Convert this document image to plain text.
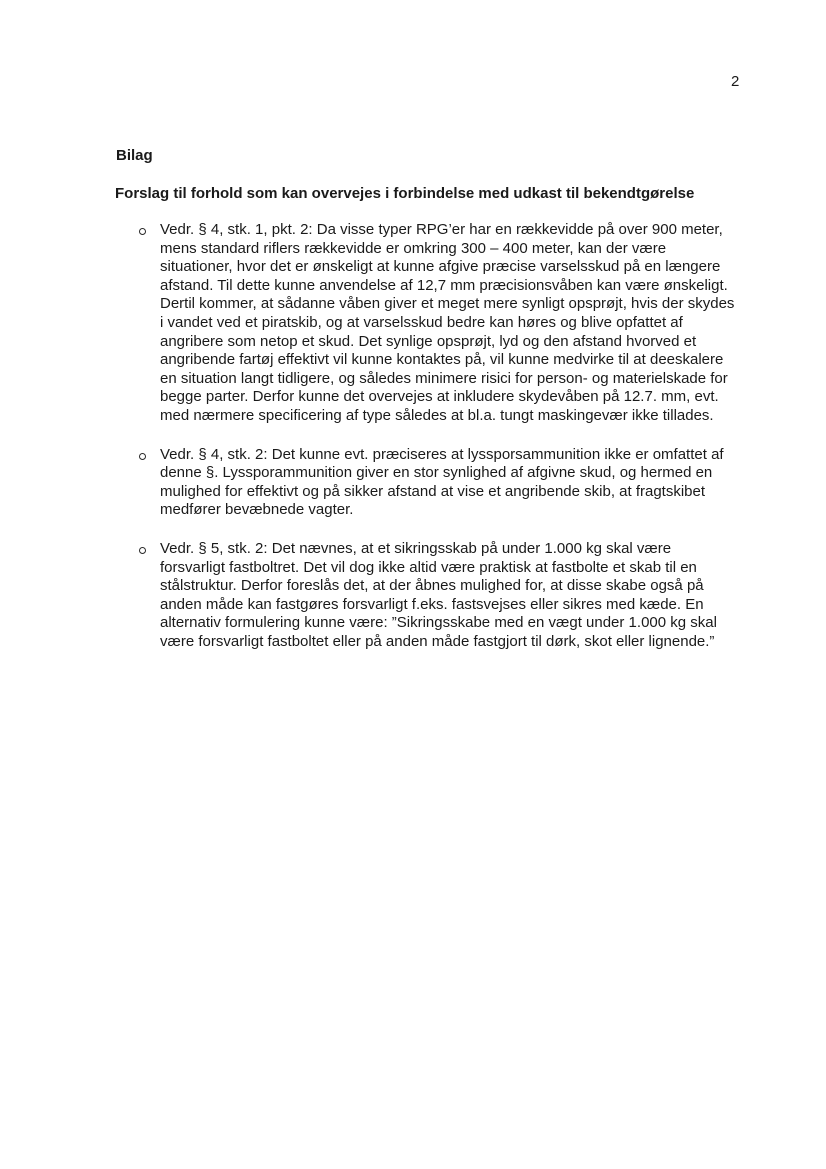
2
Bilag
Forslag til forhold som kan overvejes i forbindelse med udkast til bekendtgørelse
Vedr. § 4, stk. 1, pkt. 2: Da visse typer RPG’er har en rækkevidde på over 900 meter, mens standard riflers rækkevidde er omkring 300 – 400 meter, kan der være situationer, hvor det er ønskeligt at kunne afgive præcise varselsskud på en længere afstand. Til dette kunne anvendelse af 12,7 mm præcisionsvåben kan være ønskeligt. Dertil kommer, at sådanne våben giver et meget mere synligt opsprøjt, hvis der skydes i vandet ved et piratskib, og at varselsskud bedre kan høres og blive opfattet af angribere som netop et skud. Det synlige opsprøjt, lyd og den afstand hvorved et angribende fartøj effektivt vil kunne kontaktes på, vil kunne medvirke til at deeskalere en situation langt tidligere, og således minimere risici for person- og materielskade for begge parter. Derfor kunne det overvejes at inkludere skydevåben på 12.7. mm, evt. med nærmere specificering af type således at bl.a. tungt maskingevær ikke tillades.
Vedr. § 4, stk. 2: Det kunne evt. præciseres at lyssporsammunition ikke er omfattet af denne §. Lyssporammunition giver en stor synlighed af afgivne skud, og hermed en mulighed for effektivt og på sikker afstand at vise et angribende skib, at fragtskibet medfører bevæbnede vagter.
Vedr. § 5, stk. 2: Det nævnes, at et sikringsskab på under 1.000 kg skal være forsvarligt fastboltret. Det vil dog ikke altid være praktisk at fastbolte et skab til en stålstruktur. Derfor foreslås det, at der åbnes mulighed for, at disse skabe også på anden måde kan fastgøres forsvarligt f.eks. fastsvejses eller sikres med kæde. En alternativ formulering kunne være: ”Sikringsskabe med en vægt under 1.000 kg skal være forsvarligt fastboltet eller på anden måde fastgjort til dørk, skot eller lignende.”
